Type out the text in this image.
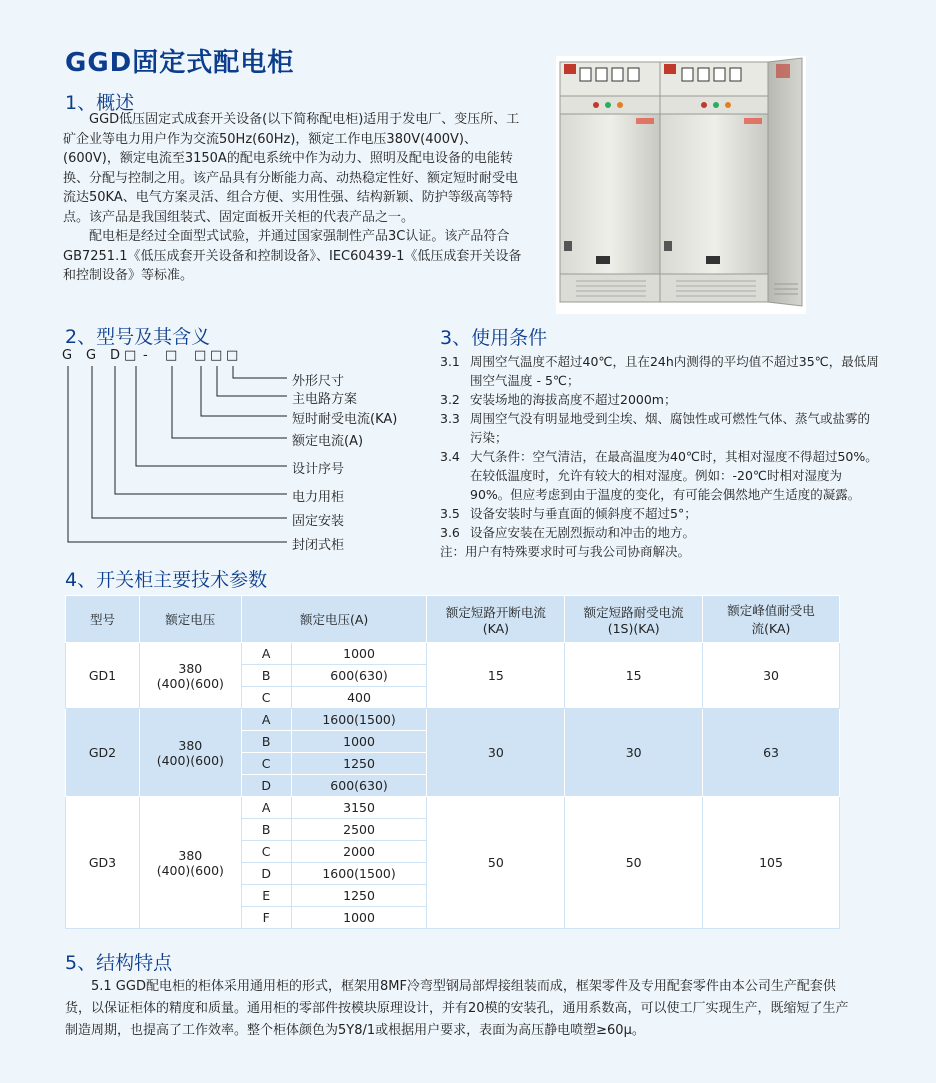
GGD固定式配电柜
1、概述

GGD低压固定式成套开关设备(以下简称配电柜)适用于发电厂、变压所、工矿企业等电力用户作为交流50Hz(60Hz)，额定工作电压380V(400V)、(600V)，额定电流至3150A的配电系统中作为动力、照明及配电设备的电能转换、分配与控制之用。该产品具有分断能力高、动热稳定性好、额定短时耐受电流达50KA、电气方案灵活、组合方便、实用性强、结构新颖、防护等级高等特点。该产品是我国组装式、固定面板开关柜的代表产品之一。

配电柜是经过全面型式试验，并通过国家强制性产品3C认证。该产品符合GB7251.1《低压成套开关设备和控制设备》、IEC60439-1《低压成套开关设备和控制设备》等标准。

2、型号及其含义
G G D □ - □ □ □ □
外形尺寸
主电路方案
短时耐受电流(KA)
额定电流(A)
设计序号
电力用柜
固定安装
封闭式柜
3、使用条件
3.1 周围空气温度不超过40℃，且在24h内测得的平均值不超过35℃，最低周围空气温度 - 5℃；
3.2 安装场地的海拔高度不超过2000m；
3.3 周围空气没有明显地受到尘埃、烟、腐蚀性或可燃性气体、蒸气或盐雾的污染；
3.4 大气条件：空气清洁，在最高温度为40℃时，其相对湿度不得超过50%。在较低温度时，允许有较大的相对湿度。例如：-20℃时相对湿度为90%。但应考虑到由于温度的变化，有可能会偶然地产生适度的凝露。
3.5 设备安装时与垂直面的倾斜度不超过5°；
3.6 设备应安装在无剧烈振动和冲击的地方。
注：用户有特殊要求时可与我公司协商解决。
4、开关柜主要技术参数
型号	额定电压	额定电压(A)		额定短路开断电流(KA)	额定短路耐受电流(1S)(KA)	额定峰值耐受电流(KA)
GD1	380
(400)(600)	A	1000	15	15	30
		B	600(630)			
		C	400			
GD2	380
(400)(600)	A	1600(1500)	30	30	63
		B	1000			
		C	1250			
		D	600(630)			
GD3	380
(400)(600)	A	3150	50	50	105
		B	2500			
		C	2000			
		D	1600(1500)			
		E	1250			
		F	1000			
5、结构特点

5.1 GGD配电柜的柜体采用通用柜的形式，框架用8MF冷弯型钢局部焊接组装而成，框架零件及专用配套零件由本公司生产配套供货，以保证柜体的精度和质量。通用柜的零部件按模块原理设计，并有20模的安装孔，通用系数高，可以使工厂实现生产，既缩短了生产制造周期，也提高了工作效率。整个柜体颜色为5Y8/1或根据用户要求，表面为高压静电喷塑≥60μ。
